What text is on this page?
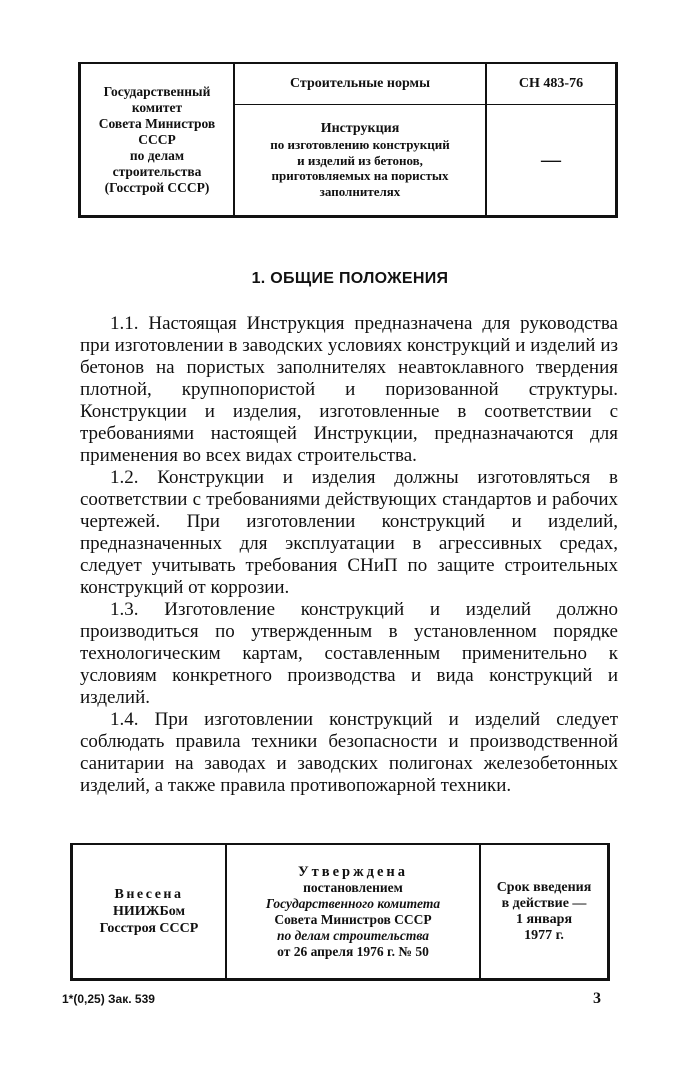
Государственный
комитет
Совета Министров
СССР
по делам
строительства
(Госстрой СССР)
Строительные нормы
Инструкция
по изготовлению конструкций
и изделий из бетонов,
приготовляемых на пористых
заполнителях
СН 483-76
—
1. ОБЩИЕ ПОЛОЖЕНИЯ

1.1. Настоящая Инструкция предназначена для руководства при изготовлении в заводских условиях конструкций и изделий из бетонов на пористых заполнителях неавтоклавного твердения плотной, крупнопористой и поризованной структуры. Конструкции и изделия, изготовленные в соответствии с требованиями настоящей Инструкции, предназначаются для применения во всех видах строительства.

1.2. Конструкции и изделия должны изготовляться в соответствии с требованиями действующих стандартов и рабочих чертежей. При изготовлении конструкций и изделий, предназначенных для эксплуатации в агрессивных средах, следует учитывать требования СНиП по защите строительных конструкций от коррозии.

1.3. Изготовление конструкций и изделий должно производиться по утвержденным в установленном порядке технологическим картам, составленным применительно к условиям конкретного производства и вида конструкций и изделий.

1.4. При изготовлении конструкций и изделий следует соблюдать правила техники безопасности и производственной санитарии на заводах и заводских полигонах железобетонных изделий, а также правила противопожарной техники.

Внесена
НИИЖБом
Госстроя СССР
Утверждена
постановлением
Государственного комитета
Совета Министров СССР
по делам строительства
от 26 апреля 1976 г. № 50
Срок введения
в действие —
1 января
1977 г.
1*(0,25) Зак. 539	3
